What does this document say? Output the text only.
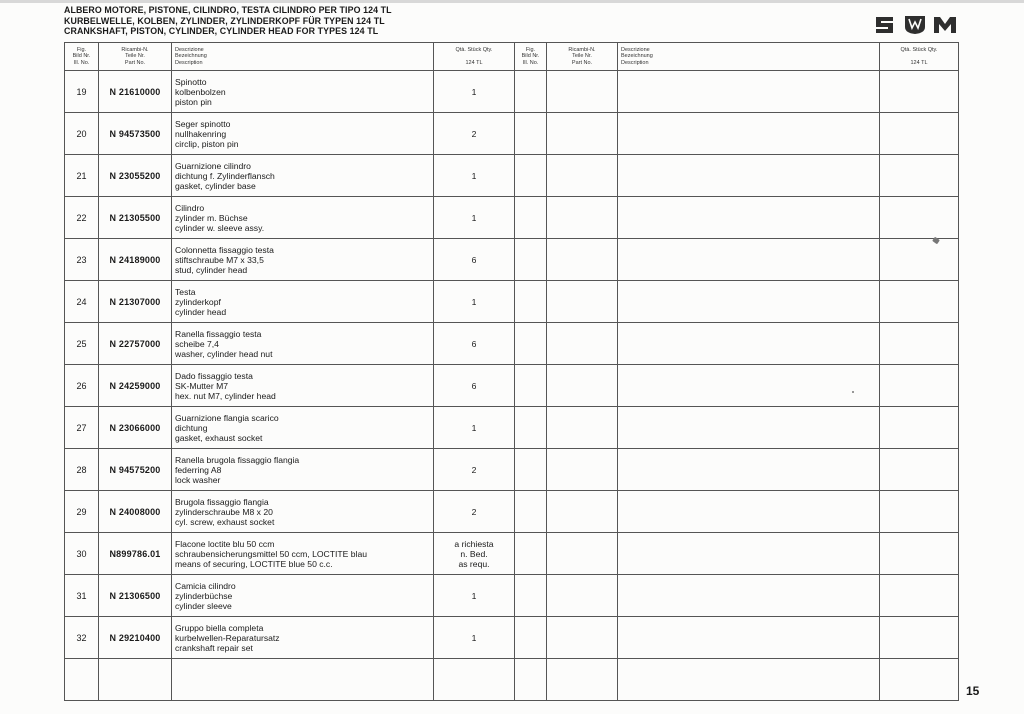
ALBERO MOTORE, PISTONE, CILINDRO, TESTA CILINDRO PER TIPO 124 TL
KURBELWELLE, KOLBEN, ZYLINDER, ZYLINDERKOPF FÜR TYPEN 124 TL
CRANKSHAFT, PISTON, CYLINDER, CYLINDER HEAD FOR TYPES 124 TL
Fig.
Bild Nr.
Ill. No.	Ricambi-N.
Teile Nr.
Part No.	Descrizione
Bezeichnung
Description	Qtà. Stück Qty.

124 TL

19	N 21610000	Spinotto
kolbenbolzen
piston pin	1

20	N 94573500	Seger spinotto
nullhakenring
circlip, piston pin	2

21	N 23055200	Guarnizione cilindro
dichtung f. Zylinderflansch
gasket, cylinder base	1

22	N 21305500	Cilindro
zylinder m. Büchse
cylinder w. sleeve assy.	1

23	N 24189000	Colonnetta fissaggio testa
stiftschraube M7 x 33,5
stud, cylinder head	6

24	N 21307000	Testa
zylinderkopf
cylinder head	1

25	N 22757000	Ranella fissaggio testa
scheibe 7,4
washer, cylinder head nut	6

26	N 24259000	Dado fissaggio testa
SK-Mutter M7
hex. nut M7, cylinder head	6

27	N 23066000	Guarnizione flangia scarico
dichtung
gasket, exhaust socket	1

28	N 94575200	Ranella brugola fissaggio flangia
federring A8
lock washer	2

29	N 24008000	Brugola fissaggio flangia
zylinderschraube M8 x 20
cyl. screw, exhaust socket	2

30	N899786.01	Flacone loctite blu 50 ccm
schraubensicherungsmittel 50 ccm, LOCTITE blau
means of securing, LOCTITE blue 50 c.c.	a richiesta
n. Bed.
as requ.

31	N 21306500	Camicia cilindro
zylinderbüchse
cylinder sleeve	1

32	N 29210400	Gruppo biella completa
kurbelwellen-Reparatursatz
crankshaft repair set	1

Fig.
Bild Nr.
Ill. No.	Ricambi-N.
Teile Nr.
Part No.	Descrizione
Bezeichnung
Description	Qtà. Stück Qty.

124 TL

15
